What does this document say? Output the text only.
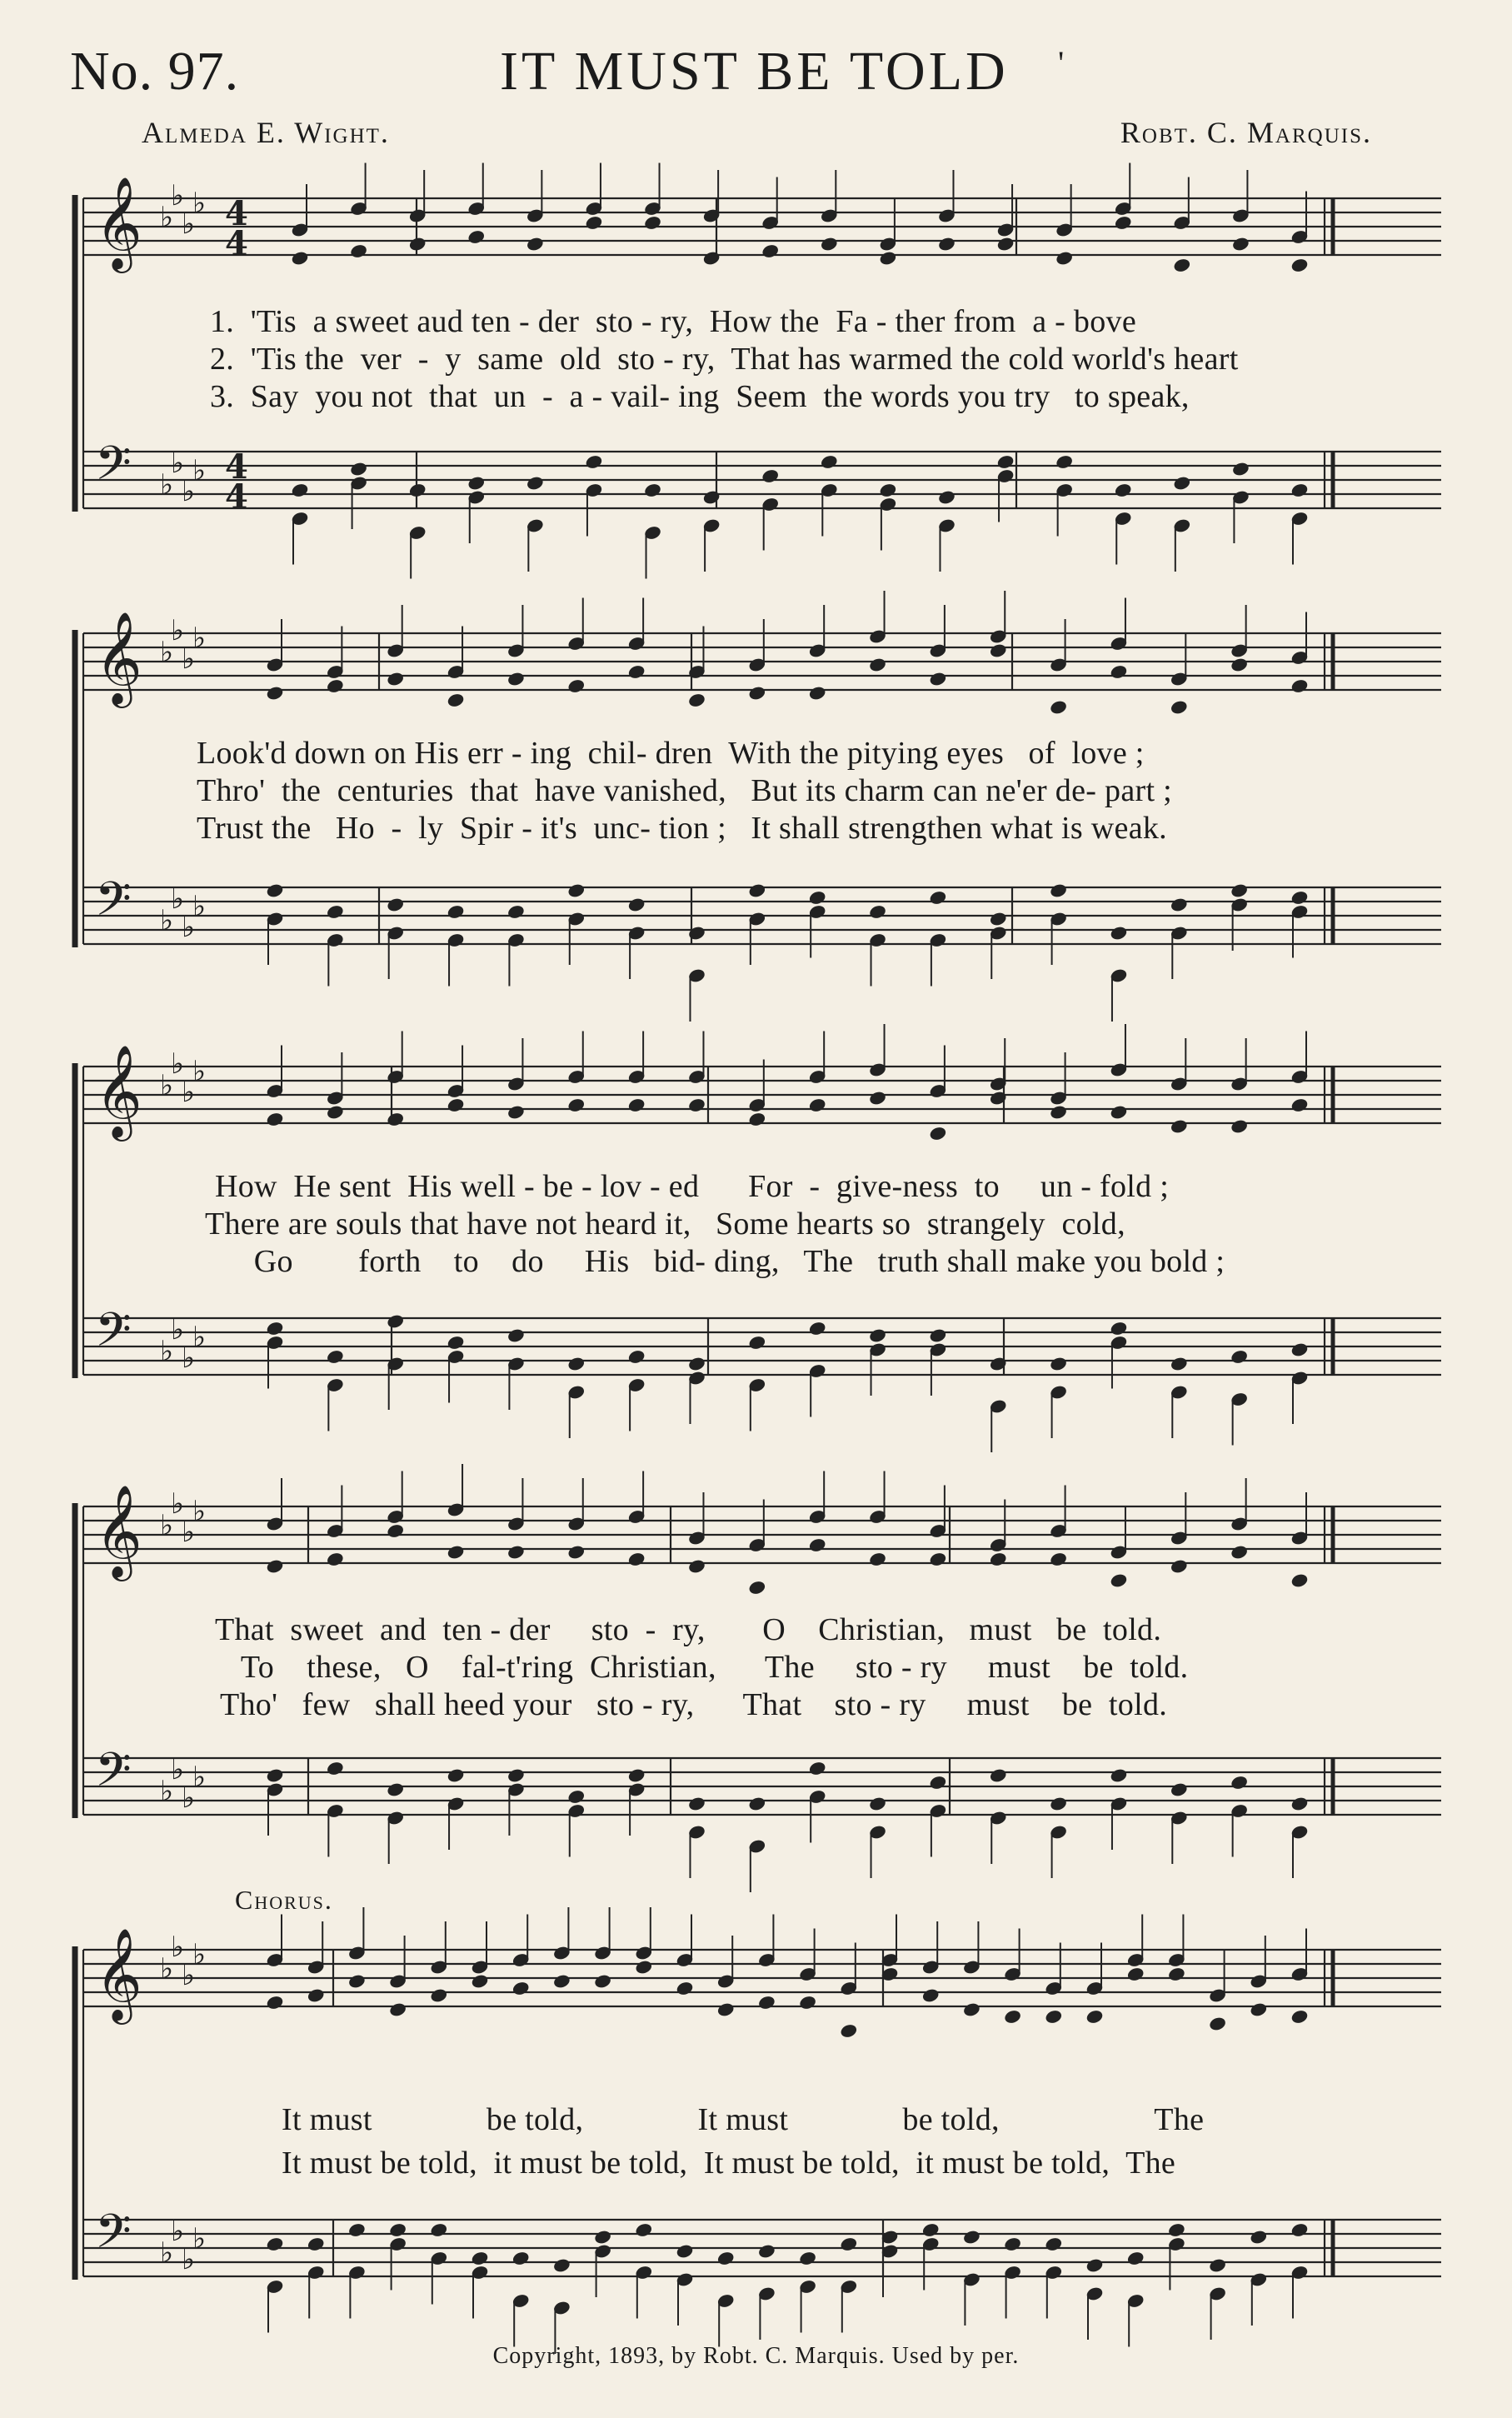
No. 97.	IT MUST BE TOLD '
Almeda E. Wight.	Robt. C. Marquis.
𝄞 ♭
♭
♭
♭ 4
4
𝄢 ♭
♭
♭
♭ 4
4
𝄞 ♭
♭
♭
♭
𝄢 ♭
♭
♭
♭
𝄞 ♭
♭
♭
♭
𝄢 ♭
♭
♭
♭
𝄞 ♭
♭
♭
♭
𝄢 ♭
♭
♭
♭
𝄞 ♭
♭
♭
♭
𝄢 ♭
♭
♭
♭
1.  'Tis  a sweet aud ten - der  sto - ry,  How the  Fa - ther from  a - bove
2.  'Tis the  ver  -  y  same  old  sto - ry,  That has warmed the cold world's heart
3.  Say  you not  that  un  -  a - vail- ing  Seem  the words you try   to speak,
Look'd down on His err - ing  chil- dren  With the pitying eyes   of  love ;
Thro'  the  centuries  that  have vanished,   But its charm can ne'er de- part ;
Trust the   Ho  -  ly  Spir - it's  unc- tion ;   It shall strengthen what is weak.
How  He sent  His well - be - lov - ed      For  -  give-ness  to     un - fold ;
There are souls that have not heard it,   Some hearts so  strangely  cold,
Go        forth    to    do     His   bid- ding,   The   truth shall make you bold ;
That  sweet  and  ten - der     sto  -  ry,       O    Christian,   must   be  told.
To    these,   O    fal-t'ring  Christian,      The     sto - ry     must    be  told.
Tho'   few   shall heed your   sto - ry,      That    sto - ry     must    be  told.
Chorus.
It must              be told,              It must              be told,                   The
It must be told,  it must be told,  It must be told,  it must be told,  The
Copyright, 1893, by Robt. C. Marquis. Used by per.
